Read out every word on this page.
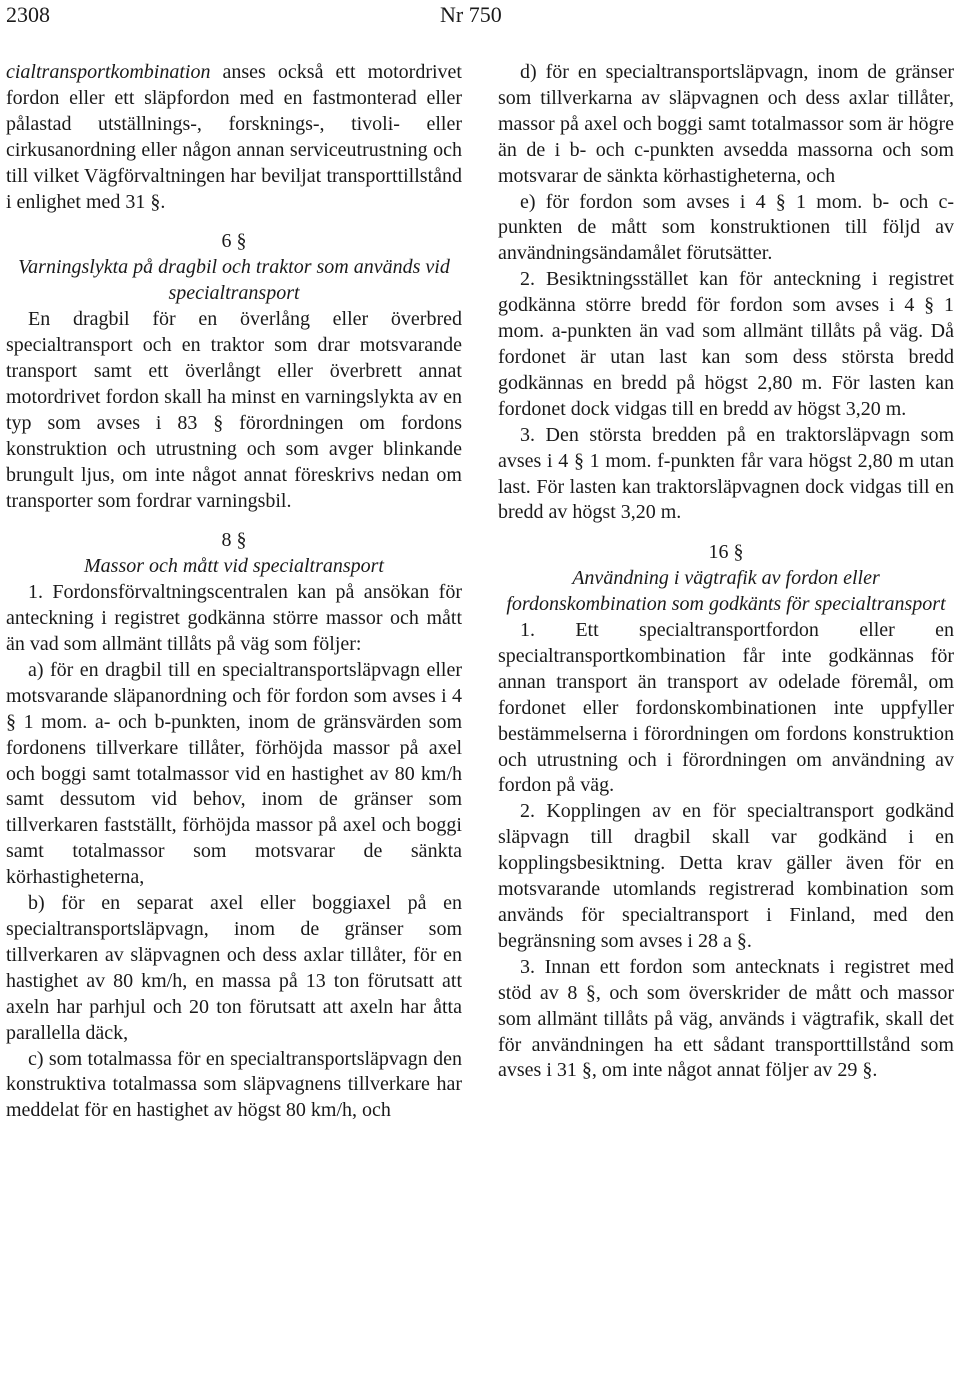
2308	Nr 750

cialtransportkombination anses också ett motordrivet fordon eller ett släpfordon med en fastmonterad eller pålastad utställnings-, forsknings-, tivoli- eller cirkusanordning eller någon annan serviceutrustning och till vilket Vägförvaltningen har beviljat transporttillstånd i enlighet med 31 §.

6 §

Varningslykta på dragbil och traktor som används vid specialtransport

En dragbil för en överlång eller överbred specialtransport och en traktor som drar motsvarande transport samt ett överlångt eller överbrett annat motordrivet fordon skall ha minst en varningslykta av en typ som avses i 83 § förordningen om fordons konstruktion och utrustning och som avger blinkande brungult ljus, om inte något annat föreskrivs nedan om transporter som fordrar varningsbil.

8 §

Massor och mått vid specialtransport

1. Fordonsförvaltningscentralen kan på ansökan för anteckning i registret godkänna större massor och mått än vad som allmänt tillåts på väg som följer:

a) för en dragbil till en specialtransportsläpvagn eller motsvarande släpanordning och för fordon som avses i 4 § 1 mom. a- och b-punkten, inom de gränsvärden som fordonens tillverkare tillåter, förhöjda massor på axel och boggi samt totalmassor vid en hastighet av 80 km/h samt dessutom vid behov, inom de gränser som tillverkaren fastställt, förhöjda massor på axel och boggi samt totalmassor som motsvarar de sänkta körhastigheterna,

b) för en separat axel eller boggiaxel på en specialtransportsläpvagn, inom de gränser som tillverkaren av släpvagnen och dess axlar tillåter, för en hastighet av 80 km/h, en massa på 13 ton förutsatt att axeln har parhjul och 20 ton förutsatt att axeln har åtta parallella däck,

c) som totalmassa för en specialtransportsläpvagn den konstruktiva totalmassa som släpvagnens tillverkare har meddelat för en hastighet av högst 80 km/h, och

d) för en specialtransportsläpvagn, inom de gränser som tillverkarna av släpvagnen och dess axlar tillåter, massor på axel och boggi samt totalmassor som är högre än de i b- och c-punkten avsedda massorna och som motsvarar de sänkta körhastigheterna, och

e) för fordon som avses i 4 § 1 mom. b- och c-punkten de mått som konstruktionen till följd av användningsändamålet förutsätter.

2. Besiktningsstället kan för anteckning i registret godkänna större bredd för fordon som avses i 4 § 1 mom. a-punkten än vad som allmänt tillåts på väg. Då fordonet är utan last kan som dess största bredd godkännas en bredd på högst 2,80 m. För lasten kan fordonet dock vidgas till en bredd av högst 3,20 m.

3. Den största bredden på en traktorsläpvagn som avses i 4 § 1 mom. f-punkten får vara högst 2,80 m utan last. För lasten kan traktorsläpvagnen dock vidgas till en bredd av högst 3,20 m.

16 §

Användning i vägtrafik av fordon eller fordonskombination som godkänts för specialtransport

1. Ett specialtransportfordon eller en specialtransportkombination får inte godkännas för annan transport än transport av odelade föremål, om fordonet eller fordonskombinationen inte uppfyller bestämmelserna i förordningen om fordons konstruktion och utrustning och i förordningen om användning av fordon på väg.

2. Kopplingen av en för specialtransport godkänd släpvagn till dragbil skall var godkänd i en kopplingsbesiktning. Detta krav gäller även för en motsvarande utomlands registrerad kombination som används för specialtransport i Finland, med den begränsning som avses i 28 a §.

3. Innan ett fordon som antecknats i registret med stöd av 8 §, och som överskrider de mått och massor som allmänt tillåts på väg, används i vägtrafik, skall det för användningen ha ett sådant transporttillstånd som avses i 31 §, om inte något annat följer av 29 §.
